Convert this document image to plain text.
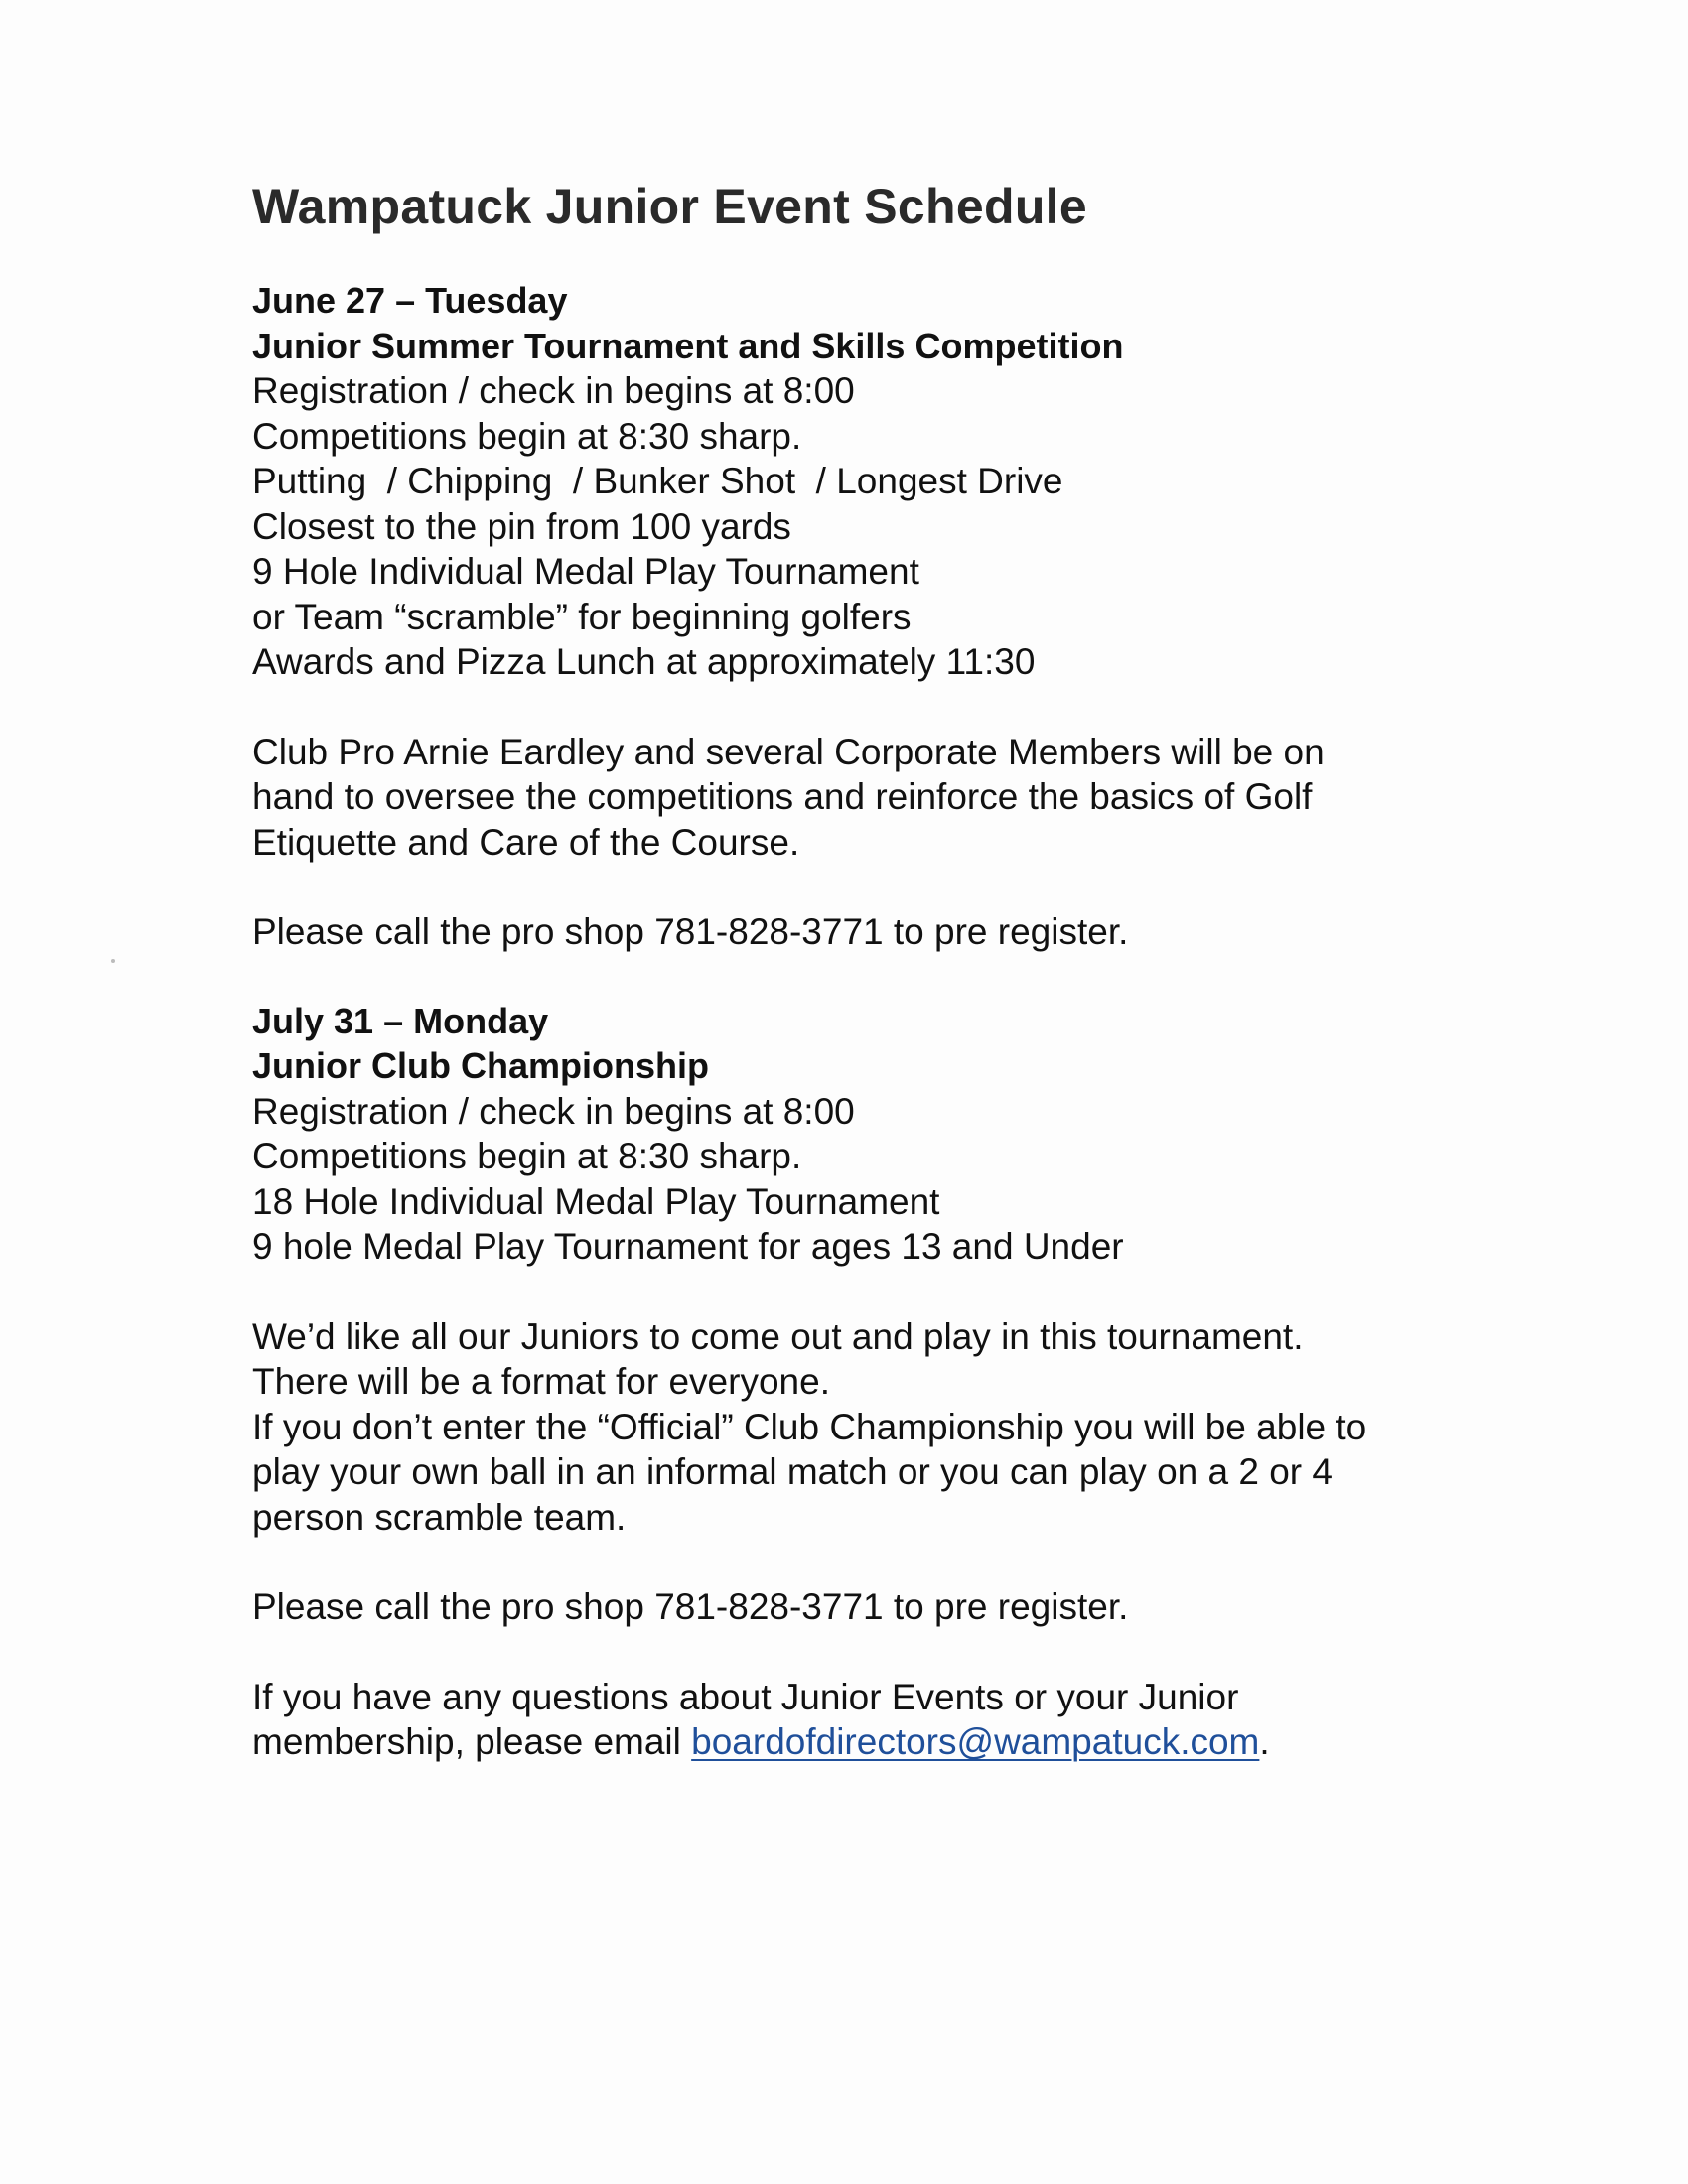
Wampatuck Junior Event Schedule

June 27 – Tuesday

Junior Summer Tournament and Skills Competition

Registration / check in begins at 8:00

Competitions begin at 8:30 sharp.

Putting  / Chipping  / Bunker Shot  / Longest Drive

Closest to the pin from 100 yards

9 Hole Individual Medal Play Tournament

or Team “scramble” for beginning golfers

Awards and Pizza Lunch at approximately 11:30

Club Pro Arnie Eardley and several Corporate Members will be on

hand to oversee the competitions and reinforce the basics of Golf

Etiquette and Care of the Course.

Please call the pro shop 781-828-3771 to pre register.

July 31 – Monday

Junior Club Championship

Registration / check in begins at 8:00

Competitions begin at 8:30 sharp.

18 Hole Individual Medal Play Tournament

9 hole Medal Play Tournament for ages 13 and Under

We’d like all our Juniors to come out and play in this tournament.

There will be a format for everyone.

If you don’t enter the “Official” Club Championship you will be able to

play your own ball in an informal match or you can play on a 2 or 4

person scramble team.

Please call the pro shop 781-828-3771 to pre register.

If you have any questions about Junior Events or your Junior

membership, please email boardofdirectors@wampatuck.com.
